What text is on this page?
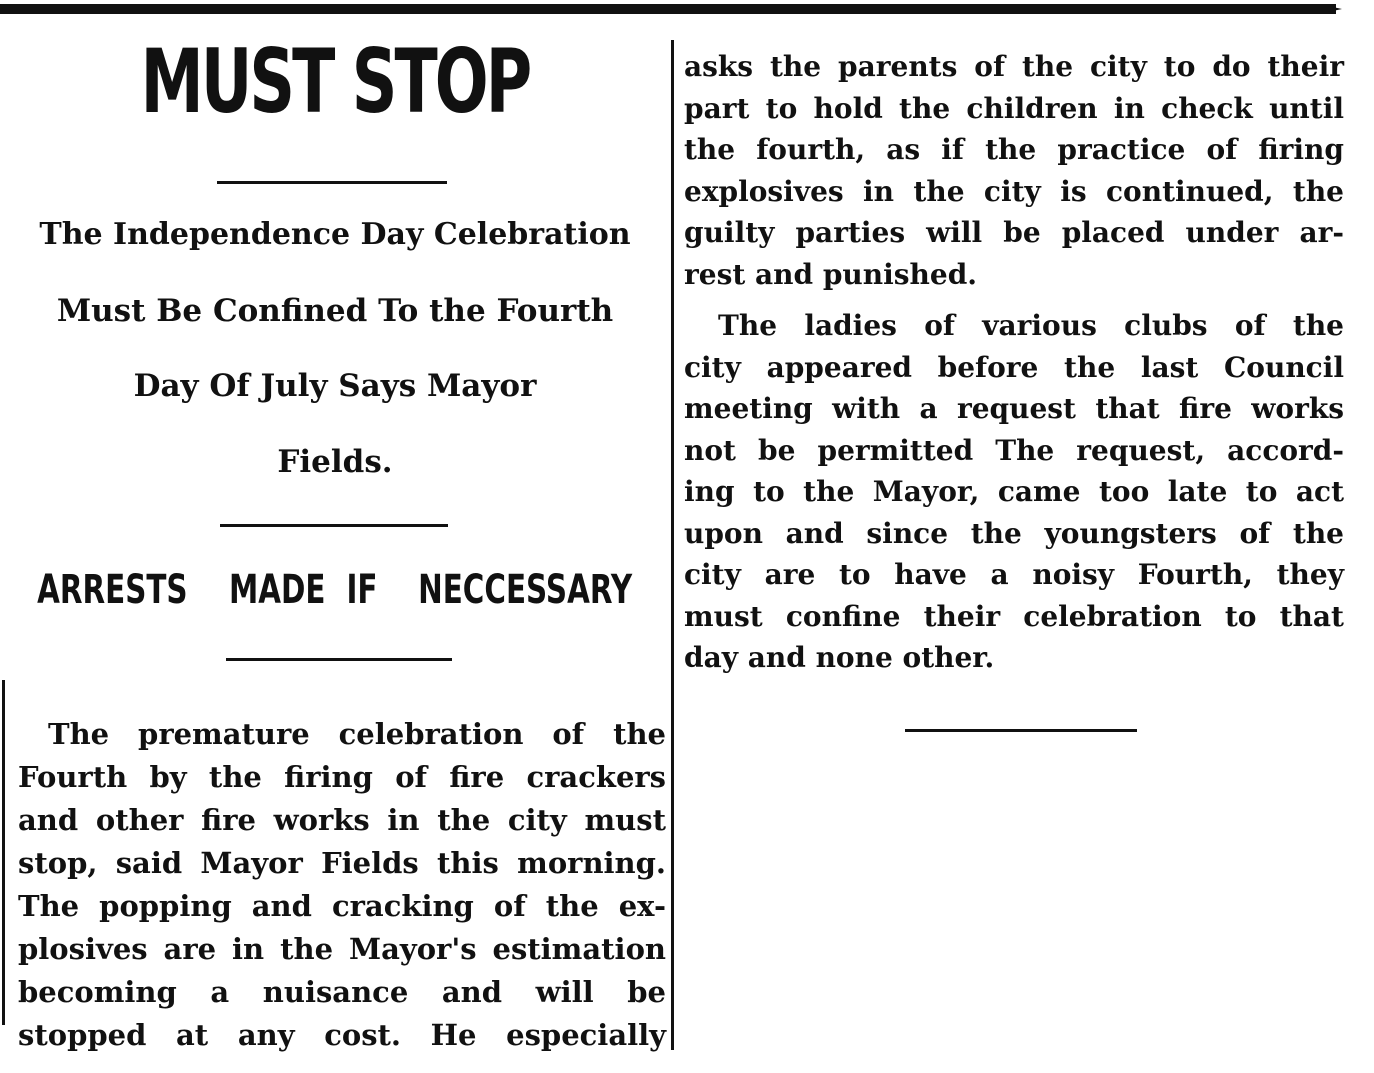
MUST STOP
The Independence Day Celebration
Must Be Confined To the Fourth
Day Of July Says Mayor
Fields.
ARRESTS MADE IF NECCESSARY
The premature celebration of the
Fourth by the firing of fire crackers
and other fire works in the city must
stop, said Mayor Fields this morning.
The popping and cracking of the ex-
plosives are in the Mayor's estimation
becoming a nuisance and will be
stopped at any cost. He especially
asks the parents of the city to do their
part to hold the children in check until
the fourth, as if the practice of firing
explosives in the city is continued, the
guilty parties will be placed under ar-
rest and punished.
The ladies of various clubs of the
city appeared before the last Council
meeting with a request that fire works
not be permitted The request, accord-
ing to the Mayor, came too late to act
upon and since the youngsters of the
city are to have a noisy Fourth, they
must confine their celebration to that
day and none other.
